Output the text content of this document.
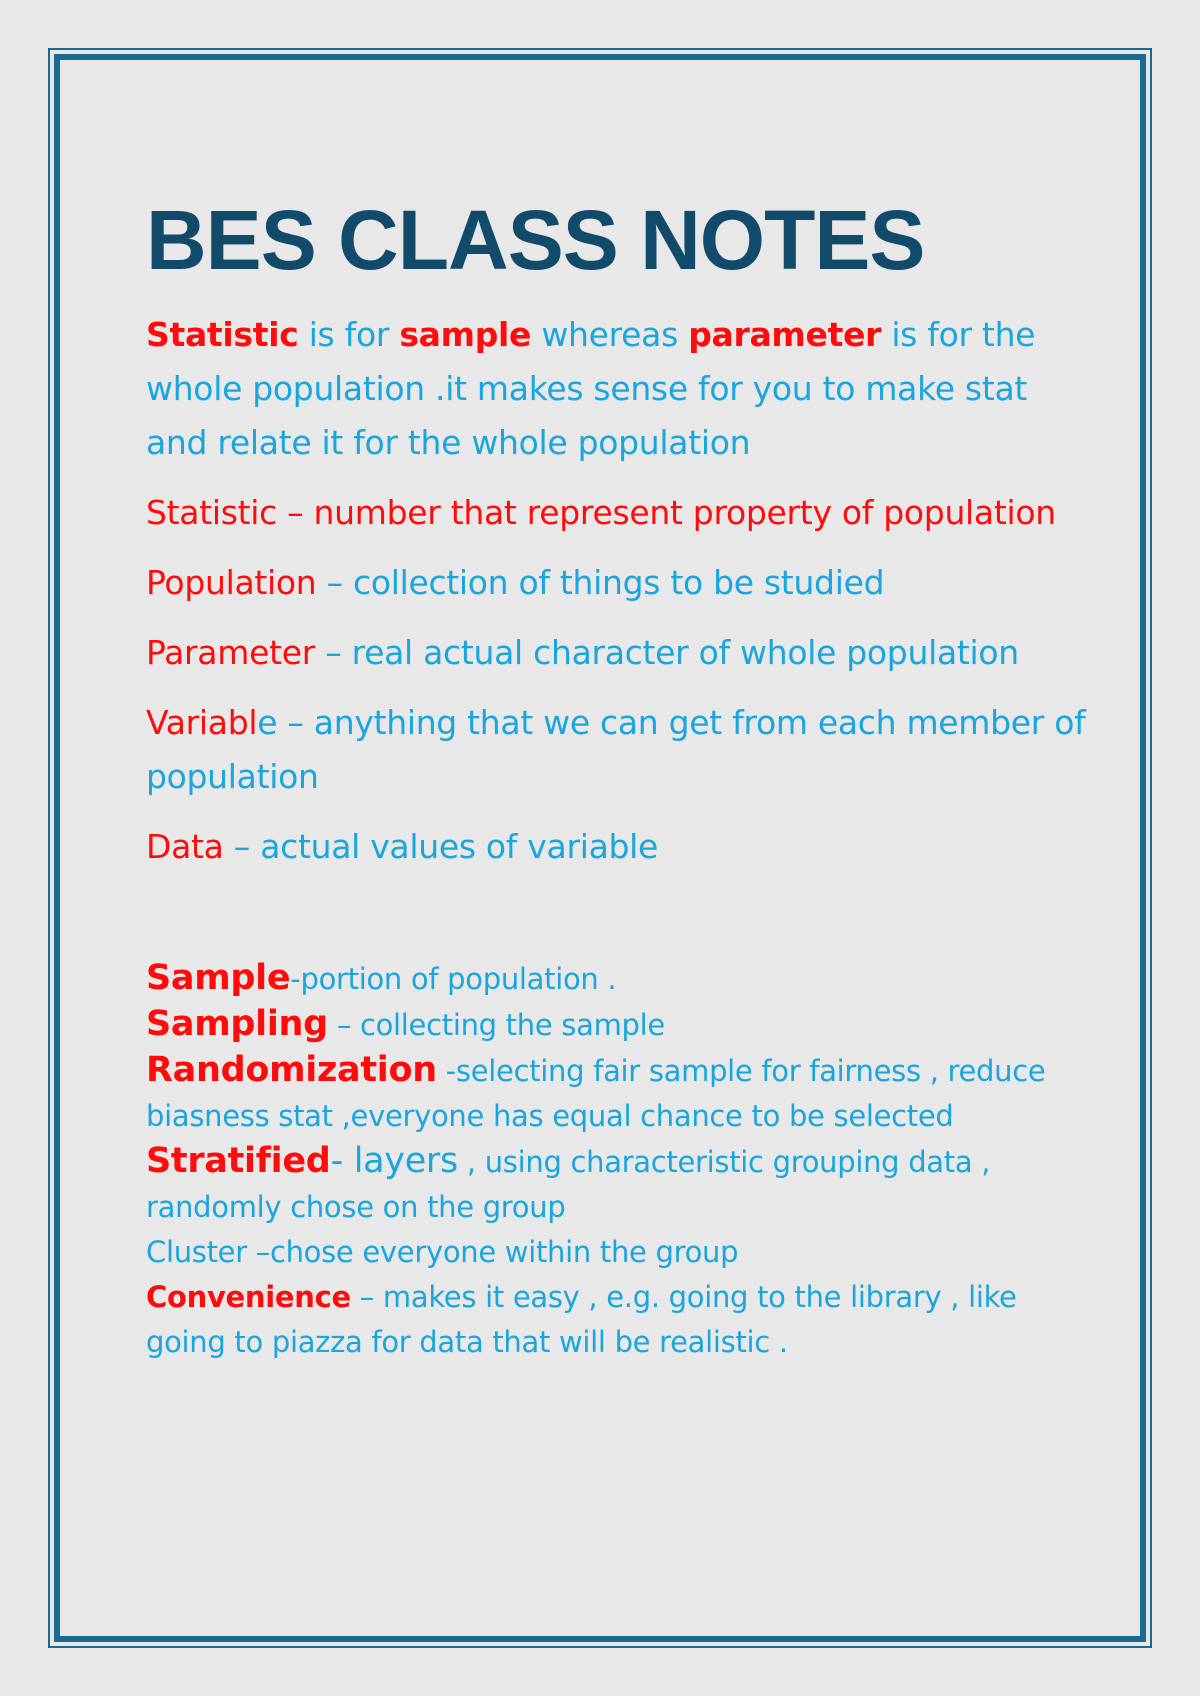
BES CLASS NOTES

Statistic is for sample whereas parameter is for the whole population .it makes sense for you to make stat and relate it for the whole population

Statistic – number that represent property of population

Population – collection of things to be studied

Parameter – real actual character of whole population

Variable – anything that we can get from each member of population

Data – actual values of variable

Sample-portion of population .

Sampling – collecting the sample

Randomization -selecting fair sample for fairness , reduce biasness stat ,everyone has equal chance to be selected

Stratified- layers , using characteristic grouping data , randomly chose on the group

Cluster –chose everyone within the group

Convenience – makes it easy , e.g. going to the library , like going to piazza for data that will be realistic .
